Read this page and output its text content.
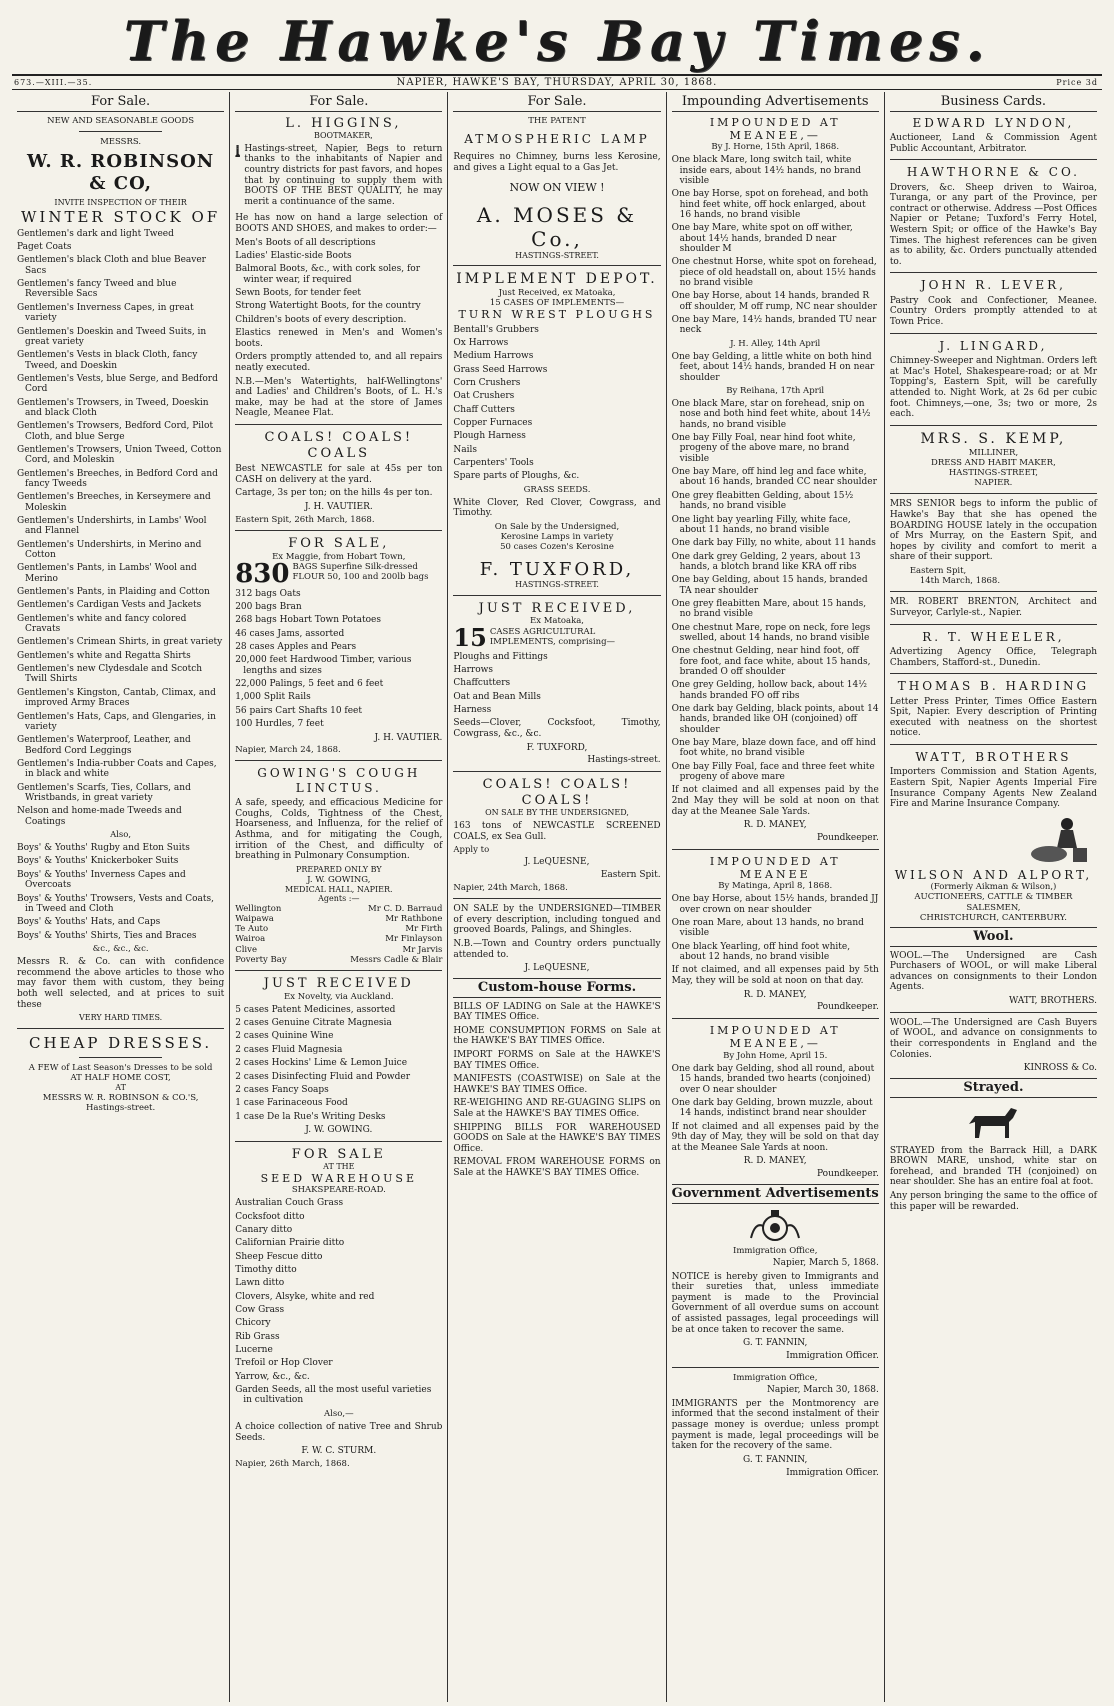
The Hawke's Bay Times.
673.—XIII.—35.	NAPIER, HAWKE'S BAY, THURSDAY, APRIL 30, 1868.	Price 3d
For Sale.
NEW AND SEASONABLE GOODS
MESSRS.
W. R. ROBINSON & CO,
INVITE INSPECTION OF THEIR
WINTER STOCK OF
Gentlemen's dark and light Tweed
Paget Coats
Gentlemen's black Cloth and blue Beaver Sacs
Gentlemen's fancy Tweed and blue Reversible Sacs
Gentlemen's Inverness Capes, in great variety
Gentlemen's Doeskin and Tweed Suits, in great variety
Gentlemen's Vests in black Cloth, fancy Tweed, and Doeskin
Gentlemen's Vests, blue Serge, and Bedford Cord
Gentlemen's Trowsers, in Tweed, Doeskin and black Cloth
Gentlemen's Trowsers, Bedford Cord, Pilot Cloth, and blue Serge
Gentlemen's Trowsers, Union Tweed, Cotton Cord, and Moleskin
Gentlemen's Breeches, in Bedford Cord and fancy Tweeds
Gentlemen's Breeches, in Kerseymere and Moleskin
Gentlemen's Undershirts, in Lambs' Wool and Flannel
Gentlemen's Undershirts, in Merino and Cotton
Gentlemen's Pants, in Lambs' Wool and Merino
Gentlemen's Pants, in Plaiding and Cotton
Gentlemen's Cardigan Vests and Jackets
Gentlemen's white and fancy colored Cravats
Gentlemen's Crimean Shirts, in great variety
Gentlemen's white and Regatta Shirts
Gentlemen's new Clydesdale and Scotch Twill Shirts
Gentlemen's Kingston, Cantab, Climax, and improved Army Braces
Gentlemen's Hats, Caps, and Glengaries, in variety
Gentlemen's Waterproof, Leather, and Bedford Cord Leggings
Gentlemen's India-rubber Coats and Capes, in black and white
Gentlemen's Scarfs, Ties, Collars, and Wristbands, in great variety
Nelson and home-made Tweeds and Coatings
Also,
Boys' & Youths' Rugby and Eton Suits
Boys' & Youths' Knickerboker Suits
Boys' & Youths' Inverness Capes and Overcoats
Boys' & Youths' Trowsers, Vests and Coats, in Tweed and Cloth
Boys' & Youths' Hats, and Caps
Boys' & Youths' Shirts, Ties and Braces
&c., &c., &c.
Messrs R. & Co. can with confidence recommend the above articles to those who may favor them with custom, they being both well selected, and at prices to suit these
VERY HARD TIMES.
CHEAP DRESSES.
A FEW of Last Season's Dresses to be sold
AT HALF HOME COST,
AT
MESSRS W. R. ROBINSON & CO.'S,
Hastings-street.
For Sale.
L. HIGGINS,
BOOTMAKER,
Hastings-street, Napier, Begs to return thanks to the inhabitants of Napier and country districts for past favors, and hopes that by continuing to supply them with BOOTS OF THE BEST QUALITY, he may merit a continuance of the same.
He has now on hand a large selection of BOOTS AND SHOES, and makes to order:—
Men's Boots of all descriptions
Ladies' Elastic-side Boots
Balmoral Boots, &c., with cork soles, for winter wear, if required
Sewn Boots, for tender feet
Strong Watertight Boots, for the country
Children's boots of every description.
Elastics renewed in Men's and Women's boots.
Orders promptly attended to, and all repairs neatly executed.
N.B.—Men's Watertights, half-Wellingtons' and Ladies' and Children's Boots, of L. H.'s make, may be had at the store of James Neagle, Meanee Flat.
COALS! COALS! COALS
Best NEWCASTLE for sale at 45s per ton CASH on delivery at the yard.
Cartage, 3s per ton; on the hills 4s per ton.
J. H. VAUTIER.
Eastern Spit, 26th March, 1868.
FOR SALE,
Ex Maggie, from Hobart Town,
830 BAGS Superfine Silk-dressed FLOUR 50, 100 and 200lb bags
312 bags Oats
200 bags Bran
268 bags Hobart Town Potatoes
46 cases Jams, assorted
28 cases Apples and Pears
20,000 feet Hardwood Timber, various lengths and sizes
22,000 Palings, 5 feet and 6 feet
1,000 Split Rails
56 pairs Cart Shafts 10 feet
100 Hurdles, 7 feet
J. H. VAUTIER.
Napier, March 24, 1868.
GOWING'S COUGH LINCTUS.
A safe, speedy, and efficacious Medicine for Coughs, Colds, Tightness of the Chest, Hoarseness, and Influenza, for the relief of Asthma, and for mitigating the Cough, irrition of the Chest, and difficulty of breathing in Pulmonary Consumption.
PREPARED ONLY BY
J. W. GOWING,
MEDICAL HALL, NAPIER.
Agents :—
Wellington	Mr C. D. Barraud
Waipawa	Mr Rathbone
Te Auto	Mr Firth
Wairoa	Mr Finlayson
Clive	Mr Jarvis
Poverty Bay	Messrs Cadle & Blair
JUST RECEIVED
Ex Novelty, via Auckland.
5 cases Patent Medicines, assorted
2 cases Genuine Citrate Magnesia
2 cases Quinine Wine
2 cases Fluid Magnesia
2 cases Hockins' Lime & Lemon Juice
2 cases Disinfecting Fluid and Powder
2 cases Fancy Soaps
1 case Farinaceous Food
1 case De la Rue's Writing Desks
J. W. GOWING.
FOR SALE
AT THE
SEED WAREHOUSE
SHAKSPEARE-ROAD.
Australian Couch Grass
Cocksfoot ditto
Canary ditto
Californian Prairie ditto
Sheep Fescue ditto
Timothy ditto
Lawn ditto
Clovers, Alsyke, white and red
Cow Grass
Chicory
Rib Grass
Lucerne
Trefoil or Hop Clover
Yarrow, &c., &c.
Garden Seeds, all the most useful varieties in cultivation
Also,—
A choice collection of native Tree and Shrub Seeds.
F. W. C. STURM.
Napier, 26th March, 1868.
For Sale.
THE PATENT
ATMOSPHERIC LAMP
Requires no Chimney, burns less Kerosine, and gives a Light equal to a Gas Jet.
NOW ON VIEW !
A. MOSES & Co.,
HASTINGS-STREET.
IMPLEMENT DEPOT.
Just Received, ex Matoaka,
15 CASES OF IMPLEMENTS—
TURN WREST PLOUGHS
Bentall's Grubbers
Ox Harrows
Medium Harrows
Grass Seed Harrows
Corn Crushers
Oat Crushers
Chaff Cutters
Copper Furnaces
Plough Harness
Nails
Carpenters' Tools
Spare parts of Ploughs, &c.
GRASS SEEDS.
White Clover, Red Clover, Cowgrass, and Timothy.
On Sale by the Undersigned,
Kerosine Lamps in variety
50 cases Cozen's Kerosine
F. TUXFORD,
HASTINGS-STREET.
JUST RECEIVED,
Ex Matoaka,
15 CASES AGRICULTURAL IMPLEMENTS, comprising—
Ploughs and Fittings
Harrows
Chaffcutters
Oat and Bean Mills
Harness
Seeds—Clover, Cocksfoot, Timothy, Cowgrass, &c., &c.
F. TUXFORD,
Hastings-street.
COALS! COALS! COALS!
ON SALE BY THE UNDERSIGNED,
163 tons of NEWCASTLE SCREENED COALS, ex Sea Gull.
Apply to
J. LeQUESNE,
Eastern Spit.
Napier, 24th March, 1868.
ON SALE by the UNDERSIGNED—TIMBER of every description, including tongued and grooved Boards, Palings, and Shingles.
N.B.—Town and Country orders punctually attended to.
J. LeQUESNE,
Custom-house Forms.
BILLS OF LADING on Sale at the HAWKE'S BAY TIMES Office.
HOME CONSUMPTION FORMS on Sale at the HAWKE'S BAY TIMES Office.
IMPORT FORMS on Sale at the HAWKE'S BAY TIMES Office.
MANIFESTS (COASTWISE) on Sale at the HAWKE'S BAY TIMES Office.
RE-WEIGHING AND RE-GUAGING SLIPS on Sale at the HAWKE'S BAY TIMES Office.
SHIPPING BILLS FOR WAREHOUSED GOODS on Sale at the HAWKE'S BAY TIMES Office.
REMOVAL FROM WAREHOUSE FORMS on Sale at the HAWKE'S BAY TIMES Office.
Impounding Advertisements
IMPOUNDED AT MEANEE,—
By J. Horne, 15th April, 1868.
One black Mare, long switch tail, white inside ears, about 14½ hands, no brand visible
One bay Horse, spot on forehead, and both hind feet white, off hock enlarged, about 16 hands, no brand visible
One bay Mare, white spot on off wither, about 14½ hands, branded D near shoulder M
One chestnut Horse, white spot on forehead, piece of old headstall on, about 15½ hands no brand visible
One bay Horse, about 14 hands, branded R off shoulder, M off rump, NC near shoulder
One bay Mare, 14½ hands, branded TU near neck
J. H. Alley, 14th April
One bay Gelding, a little white on both hind feet, about 14½ hands, branded H on near shoulder
By Reihana, 17th April
One black Mare, star on forehead, snip on nose and both hind feet white, about 14½ hands, no brand visible
One bay Filly Foal, near hind foot white, progeny of the above mare, no brand visible
One bay Mare, off hind leg and face white, about 16 hands, branded CC near shoulder
One grey fleabitten Gelding, about 15½ hands, no brand visible
One light bay yearling Filly, white face, about 11 hands, no brand visible
One dark bay Filly, no white, about 11 hands
One dark grey Gelding, 2 years, about 13 hands, a blotch brand like KRA off ribs
One bay Gelding, about 15 hands, branded TA near shoulder
One grey fleabitten Mare, about 15 hands, no brand visible
One chestnut Mare, rope on neck, fore legs swelled, about 14 hands, no brand visible
One chestnut Gelding, near hind foot, off fore foot, and face white, about 15 hands, branded O off shoulder
One grey Gelding, hollow back, about 14½ hands branded FO off ribs
One dark bay Gelding, black points, about 14 hands, branded like OH (conjoined) off shoulder
One bay Mare, blaze down face, and off hind foot white, no brand visible
One bay Filly Foal, face and three feet white progeny of above mare
If not claimed and all expenses paid by the 2nd May they will be sold at noon on that day at the Meanee Sale Yards.
R. D. MANEY,
Poundkeeper.
IMPOUNDED AT MEANEE
By Matinga, April 8, 1868.
One bay Horse, about 15½ hands, branded JJ over crown on near shoulder
One roan Mare, about 13 hands, no brand visible
One black Yearling, off hind foot white, about 12 hands, no brand visible
If not claimed, and all expenses paid by 5th May, they will be sold at noon on that day.
R. D. MANEY,
Poundkeeper.
IMPOUNDED AT MEANEE,—
By John Home, April 15.
One dark bay Gelding, shod all round, about 15 hands, branded two hearts (conjoined) over O near shoulder
One dark bay Gelding, brown muzzle, about 14 hands, indistinct brand near shoulder
If not claimed and all expenses paid by the 9th day of May, they will be sold on that day at the Meanee Sale Yards at noon.
R. D. MANEY,
Poundkeeper.
Government Advertisements
Immigration Office,
Napier, March 5, 1868.
NOTICE is hereby given to Immigrants and their sureties that, unless immediate payment is made to the Provincial Government of all overdue sums on account of assisted passages, legal proceedings will be at once taken to recover the same.
G. T. FANNIN,
Immigration Officer.
Immigration Office,
Napier, March 30, 1868.
IMMIGRANTS per the Montmorency are informed that the second instalment of their passage money is overdue; unless prompt payment is made, legal proceedings will be taken for the recovery of the same.
G. T. FANNIN,
Immigration Officer.
Business Cards.
EDWARD LYNDON,
Auctioneer, Land & Commission Agent Public Accountant, Arbitrator.
HAWTHORNE & CO.
Drovers, &c. Sheep driven to Wairoa, Turanga, or any part of the Province, per contract or otherwise. Address —Post Offices Napier or Petane; Tuxford's Ferry Hotel, Western Spit; or office of the Hawke's Bay Times. The highest references can be given as to ability, &c. Orders punctually attended to.
JOHN R. LEVER,
Pastry Cook and Confectioner, Meanee. Country Orders promptly attended to at Town Price.
J. LINGARD,
Chimney-Sweeper and Nightman. Orders left at Mac's Hotel, Shakespeare-road; or at Mr Topping's, Eastern Spit, will be carefully attended to. Night Work, at 2s 6d per cubic foot. Chimneys,—one, 3s; two or more, 2s each.
MRS. S. KEMP,
MILLINER,
DRESS AND HABIT MAKER,
HASTINGS-STREET,
NAPIER.
MRS SENIOR begs to inform the public of Hawke's Bay that she has opened the BOARDING HOUSE lately in the occupation of Mrs Murray, on the Eastern Spit, and hopes by civility and comfort to merit a share of their support.
Eastern Spit,
14th March, 1868.
MR. ROBERT BRENTON, Architect and Surveyor, Carlyle-st., Napier.
R. T. WHEELER,
Advertizing Agency Office, Telegraph Chambers, Stafford-st., Dunedin.
THOMAS B. HARDING
Letter Press Printer, Times Office Eastern Spit, Napier. Every description of Printing executed with neatness on the shortest notice.
WATT, BROTHERS
Importers Commission and Station Agents, Eastern Spit, Napier Agents Imperial Fire Insurance Company Agents New Zealand Fire and Marine Insurance Company.
WILSON AND ALPORT,
(Formerly Aikman & Wilson,)
AUCTIONEERS, CATTLE & TIMBER SALESMEN,
CHRISTCHURCH, CANTERBURY.
Wool.
WOOL.—The Undersigned are Cash Purchasers of WOOL, or will make Liberal advances on consignments to their London Agents.
WATT, BROTHERS.
WOOL.—The Undersigned are Cash Buyers of WOOL, and advance on consignments to their correspondents in England and the Colonies.
KINROSS & Co.
Strayed.
STRAYED from the Barrack Hill, a DARK BROWN MARE, unshod, white star on forehead, and branded TH (conjoined) on near shoulder. She has an entire foal at foot.
Any person bringing the same to the office of this paper will be rewarded.
